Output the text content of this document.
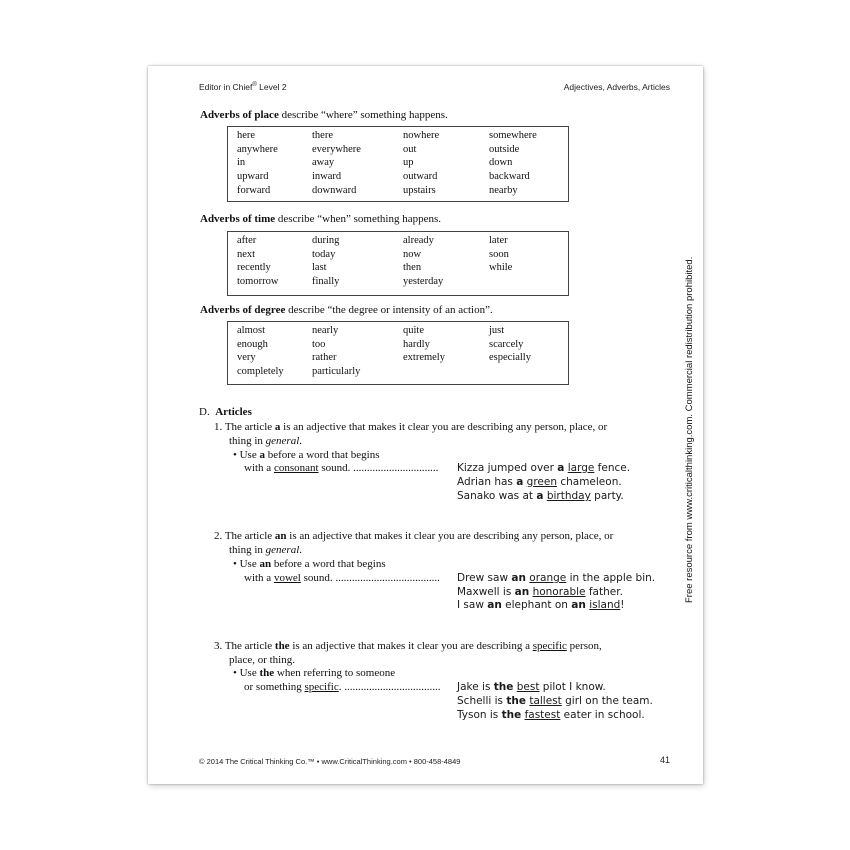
Editor in Chief® Level 2	Adjectives, Adverbs, Articles
Adverbs of place describe “where” something happens.
here	there	nowhere	somewhere
anywhere	everywhere	out	outside
in	away	up	down
upward	inward	outward	backward
forward	downward	upstairs	nearby
Adverbs of time describe “when” something happens.
after	during	already	later
next	today	now	soon
recently	last	then	while
tomorrow	finally	yesterday
Adverbs of degree describe “the degree or intensity of an action”.
almost	nearly	quite	just
enough	too	hardly	scarcely
very	rather	extremely	especially
completely	particularly
D. Articles
1. The article a is an adjective that makes it clear you are describing any person, place, or
thing in general.
• Use a before a word that begins
with a consonant sound. ............................... Kizza jumped over a large fence.
Adrian has a green chameleon.
Sanako was at a birthday party.
2. The article an is an adjective that makes it clear you are describing any person, place, or
thing in general.
• Use an before a word that begins
with a vowel sound. ...................................... Drew saw an orange in the apple bin.
Maxwell is an honorable father.
I saw an elephant on an island!
3. The article the is an adjective that makes it clear you are describing a specific person,
place, or thing.
• Use the when referring to someone
or something specific. ................................... Jake is the best pilot I know.
Schelli is the tallest girl on the team.
Tyson is the fastest eater in school.
Free resource from www.criticalthinking.com. Commercial redistribution prohibited.
© 2014 The Critical Thinking Co.™ • www.CriticalThinking.com • 800-458-4849	41
